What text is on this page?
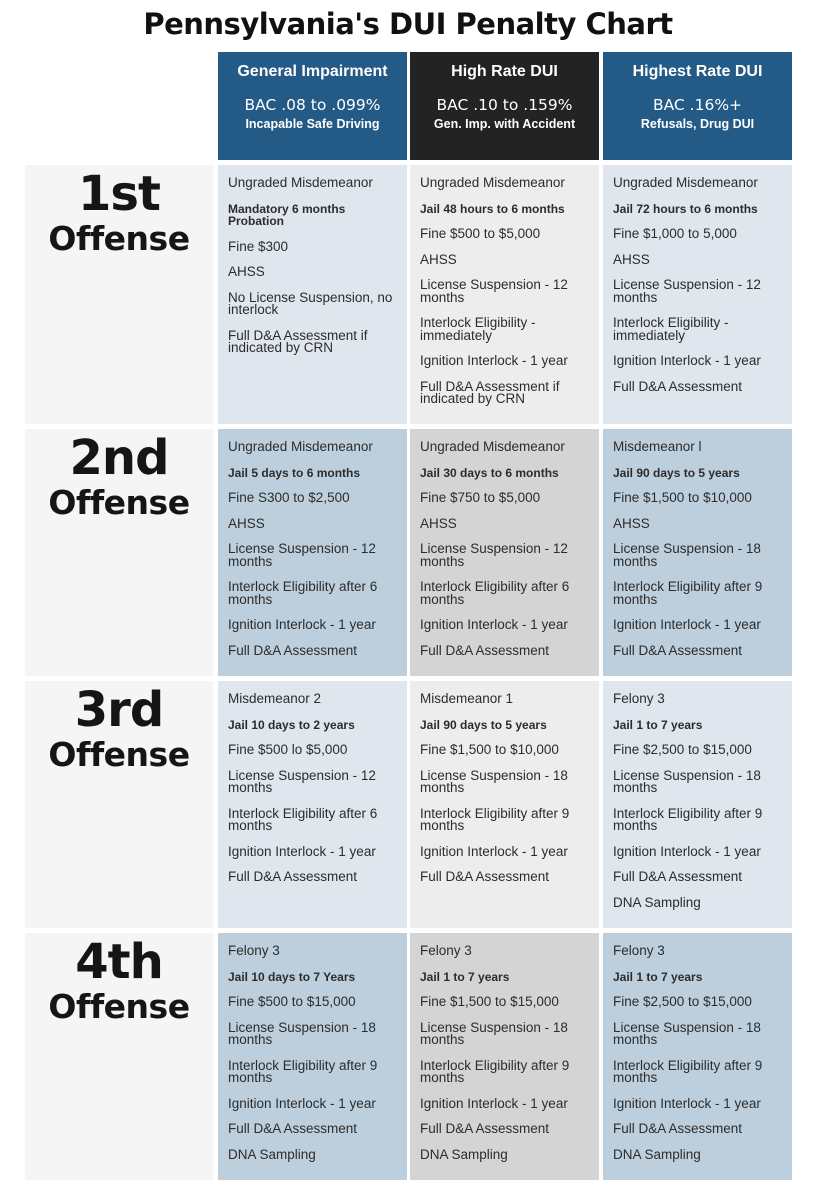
Pennsylvania's DUI Penalty Chart
General Impairment
BAC .08 to .099%
Incapable Safe Driving
High Rate DUI
BAC .10 to .159%
Gen. Imp. with Accident
Highest Rate DUI
BAC .16%+
Refusals, Drug DUI
1st
Offense
2nd
Offense
3rd
Offense
4th
Offense
Ungraded Misdemeanor
Mandatory 6 months Probation
Fine $300
AHSS
No License Suspension, no interlock
Full D&A Assessment if indicated by CRN
Ungraded Misdemeanor
Jail 48 hours to 6 months
Fine $500 to $5,000
AHSS
License Suspension - 12 months
Interlock Eligibility - immediately
Ignition Interlock - 1 year
Full D&A Assessment if indicated by CRN
Ungraded Misdemeanor
Jail 72 hours to 6 months
Fine $1,000 to 5,000
AHSS
License Suspension - 12 months
Interlock Eligibility - immediately
Ignition Interlock - 1 year
Full D&A Assessment
Ungraded Misdemeanor
Jail 5 days to 6 months
Fine S300 to $2,500
AHSS
License Suspension - 12 months
Interlock Eligibility after 6 months
Ignition Interlock - 1 year
Full D&A Assessment
Ungraded Misdemeanor
Jail 30 days to 6 months
Fine $750 to $5,000
AHSS
License Suspension - 12 months
Interlock Eligibility after 6 months
Ignition Interlock - 1 year
Full D&A Assessment
Misdemeanor l
Jail 90 days to 5 years
Fine $1,500 to $10,000
AHSS
License Suspension - 18 months
Interlock Eligibility after 9 months
Ignition Interlock - 1 year
Full D&A Assessment
Misdemeanor 2
Jail 10 days to 2 years
Fine $500 lo $5,000
License Suspension - 12 months
Interlock Eligibility after 6 months
Ignition Interlock - 1 year
Full D&A Assessment
Misdemeanor 1
Jail 90 days to 5 years
Fine $1,500 to $10,000
License Suspension - 18 months
Interlock Eligibility after 9 months
Ignition Interlock - 1 year
Full D&A Assessment
Felony 3
Jail 1 to 7 years
Fine $2,500 to $15,000
License Suspension - 18 months
Interlock Eligibility after 9 months
Ignition Interlock - 1 year
Full D&A Assessment
DNA Sampling
Felony 3
Jail 10 days to 7 Years
Fine $500 to $15,000
License Suspension - 18 months
Interlock Eligibility after 9 months
Ignition Interlock - 1 year
Full D&A Assessment
DNA Sampling
Felony 3
Jail 1 to 7 years
Fine $1,500 to $15,000
License Suspension - 18 months
Interlock Eligibility after 9 months
Ignition Interlock - 1 year
Full D&A Assessment
DNA Sampling
Felony 3
Jail 1 to 7 years
Fine $2,500 to $15,000
License Suspension - 18 months
Interlock Eligibility after 9 months
Ignition Interlock - 1 year
Full D&A Assessment
DNA Sampling
